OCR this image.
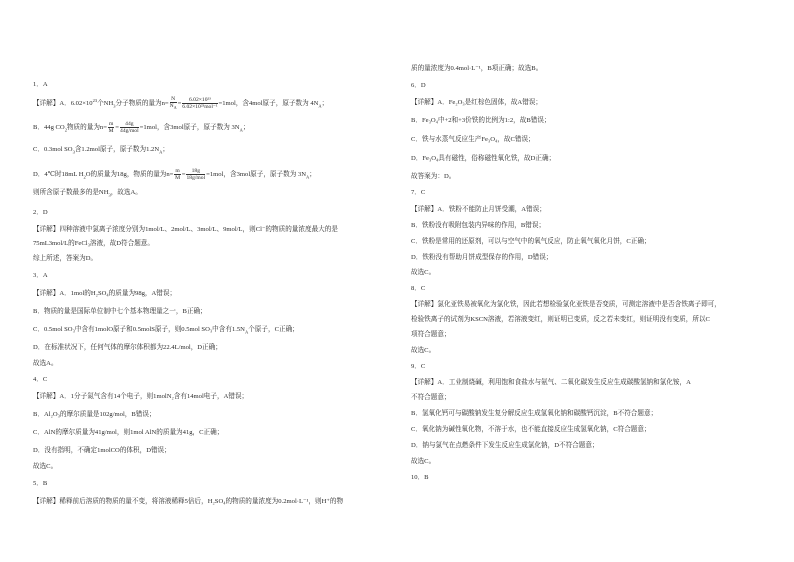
1．A
【详解】A．$6.02\times 10^{23}$个$NH_3$分子物质的量为$n= \frac{N}{N_A} = \frac{\text{6.02×10²³}}{\text{6.02×10²³mol⁻¹}} =1mol$，含4mol原子，原子数为 $4N_A$；
B．44g $CO_2$物质的量为$n= \frac{m}{M} = \frac{44g}{\text{44g/mol}} =1mol$，含3mol原子，原子数为 $3N_A$；
C．0.3mol $SO_3$含1.2mol原子，原子数为$1.2N_A$；
D．4℃时18mL $H_2O$的质量为18g，物质的量为$n= \frac{m}{M} = \frac{18g}{\text{18g/mol}} =1mol$，含3mol原子，原子数为 $3N_A$；
则所含原子数最多的是$NH_3$，故选A。
2．D
【详解】四种溶液中氯离子浓度分别为1mol/L、2mol/L、3mol/L、9mol/L，则Cl⁻的物质的量浓度最大的是
75mL3mol/L的FeCl₃溶液，故D符合题意。
综上所述，答案为D。
3．A
【详解】A．1mol的H₂SO₄的质量为98g，A错误；
B．物质的量是国际单位制中七个基本物理量之一，B正确；
C．0.5mol SO₃中含有1molO原子和0.5molS原子，则0.5mol SO₃中含有$1.5N_A$个原子，C正确；
D．在标准状况下，任何气体的摩尔体积都为22.4L/mol，D正确；
故选A。
4．C
【详解】A．1分子氮气含有14个电子，则1molN₂含有14mol电子，A错误；
B．Al₂O₃的摩尔质量是102g/mol，B错误；
C．AlN的摩尔质量为41g/mol，则1mol AlN的质量为41g，C正确；
D．没有指明，不确定1molCO的体积，D错误；
故选C。
5．B
【详解】稀释前后溶质的物质的量不变，将溶液稀释5倍后，H₂SO₄的物质的量浓度为0.2mol·L⁻¹，则H⁺的物
质的量浓度为0.4mol·L⁻¹，B项正确；故选B。
6．D
【详解】A．Fe₂O₃是红棕色固体，故A错误；
B．Fe₃O₄中+2和+3价铁的比例为1:2，故B错误；
C．铁与水蒸气反应生产Fe₃O₄，故C错误；
D．Fe₃O₄具有磁性，俗称磁性氧化铁，故D正确；
故答案为：D。
7．C
【详解】A．铁粉不能防止月饼受潮，A错误；
B．铁粉没有吸附包装内异味的作用，B错误；
C．铁粉是常用的还原剂，可以与空气中的氧气反应，防止氧气氧化月饼，C正确；
D．铁粉没有帮助月饼成型保存的作用，D错误；
故选C。
8．C
【详解】氯化亚铁易被氧化为氯化铁，因此若想检验氯化亚铁是否变质，可测定溶液中是否含铁离子即可，
检验铁离子的试剂为KSCN溶液，若溶液变红，则证明已变质，反之若未变红，则证明没有变质，所以C
项符合题意；
故选C。
9．C
【详解】A．工业制烧碱，利用饱和食盐水与氨气、二氧化碳发生反应生成碳酸氢钠和氯化铵，A
不符合题意；
B．氢氧化钙可与碳酸钠发生复分解反应生成氢氧化钠和碳酸钙沉淀，B不符合题意；
C．氧化钠为碱性氧化物，不溶于水，也不能直接反应生成氢氧化钠，C符合题意；
D．钠与氯气在点燃条件下发生反应生成氯化钠，D不符合题意；
故选C。
10．B
